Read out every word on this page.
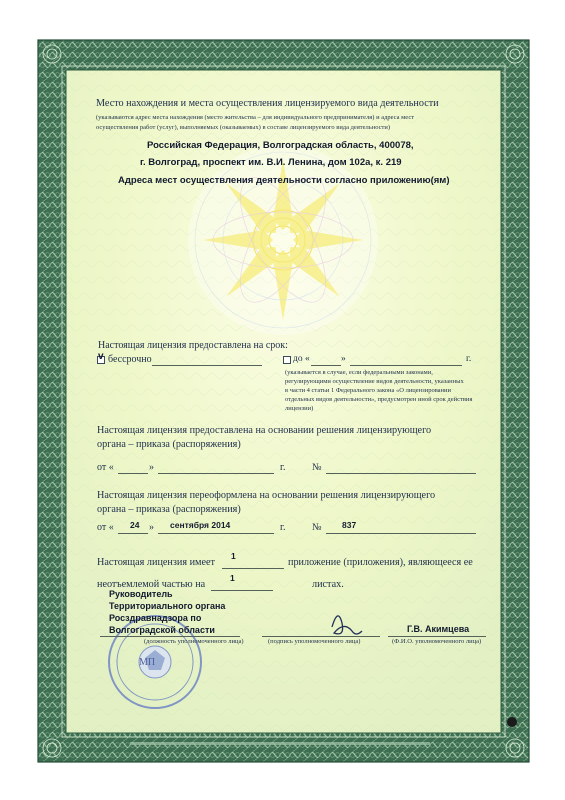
Место нахождения и места осуществления лицензируемого вида деятельности
(указываются адрес места нахождения (место жительства – для индивидуального предпринимателя) и адреса мест
осуществления работ (услуг), выполняемых (оказываемых) в составе лицензируемого вида деятельности)
Российская Федерация, Волгоградская область, 400078,
г. Волгоград, проспект им. В.И. Ленина, дом 102а, к. 219
Адреса мест осуществления деятельности согласно приложению(ям)
Настоящая лицензия предоставлена на срок:
v бессрочно	до «	»	г.
(указывается в случае, если федеральными законами,
регулирующими осуществление видов деятельности, указанных
в части 4 статьи 1 Федерального закона «О лицензировании
отдельных видов деятельности», предусмотрен иной срок действия
лицензии)
Настоящая лицензия предоставлена на основании решения лицензирующего
органа – приказа (распоряжения)
от «	»	г.	№
Настоящая лицензия переоформлена на основании решения лицензирующего
органа – приказа (распоряжения)
от « 24 » сентября 2014	г.	№ 837
Настоящая лицензия имеет
1
приложение (приложения), являющееся ее
неотъемлемой частью на
1
листах.
Руководитель
Территориального органа
Росздравнадзора по
Волгоградской области
(должность уполномоченного лица)	(подпись уполномоченного лица)
Г.В. Акимцева
(Ф.И.О. уполномоченного лица)
МП
